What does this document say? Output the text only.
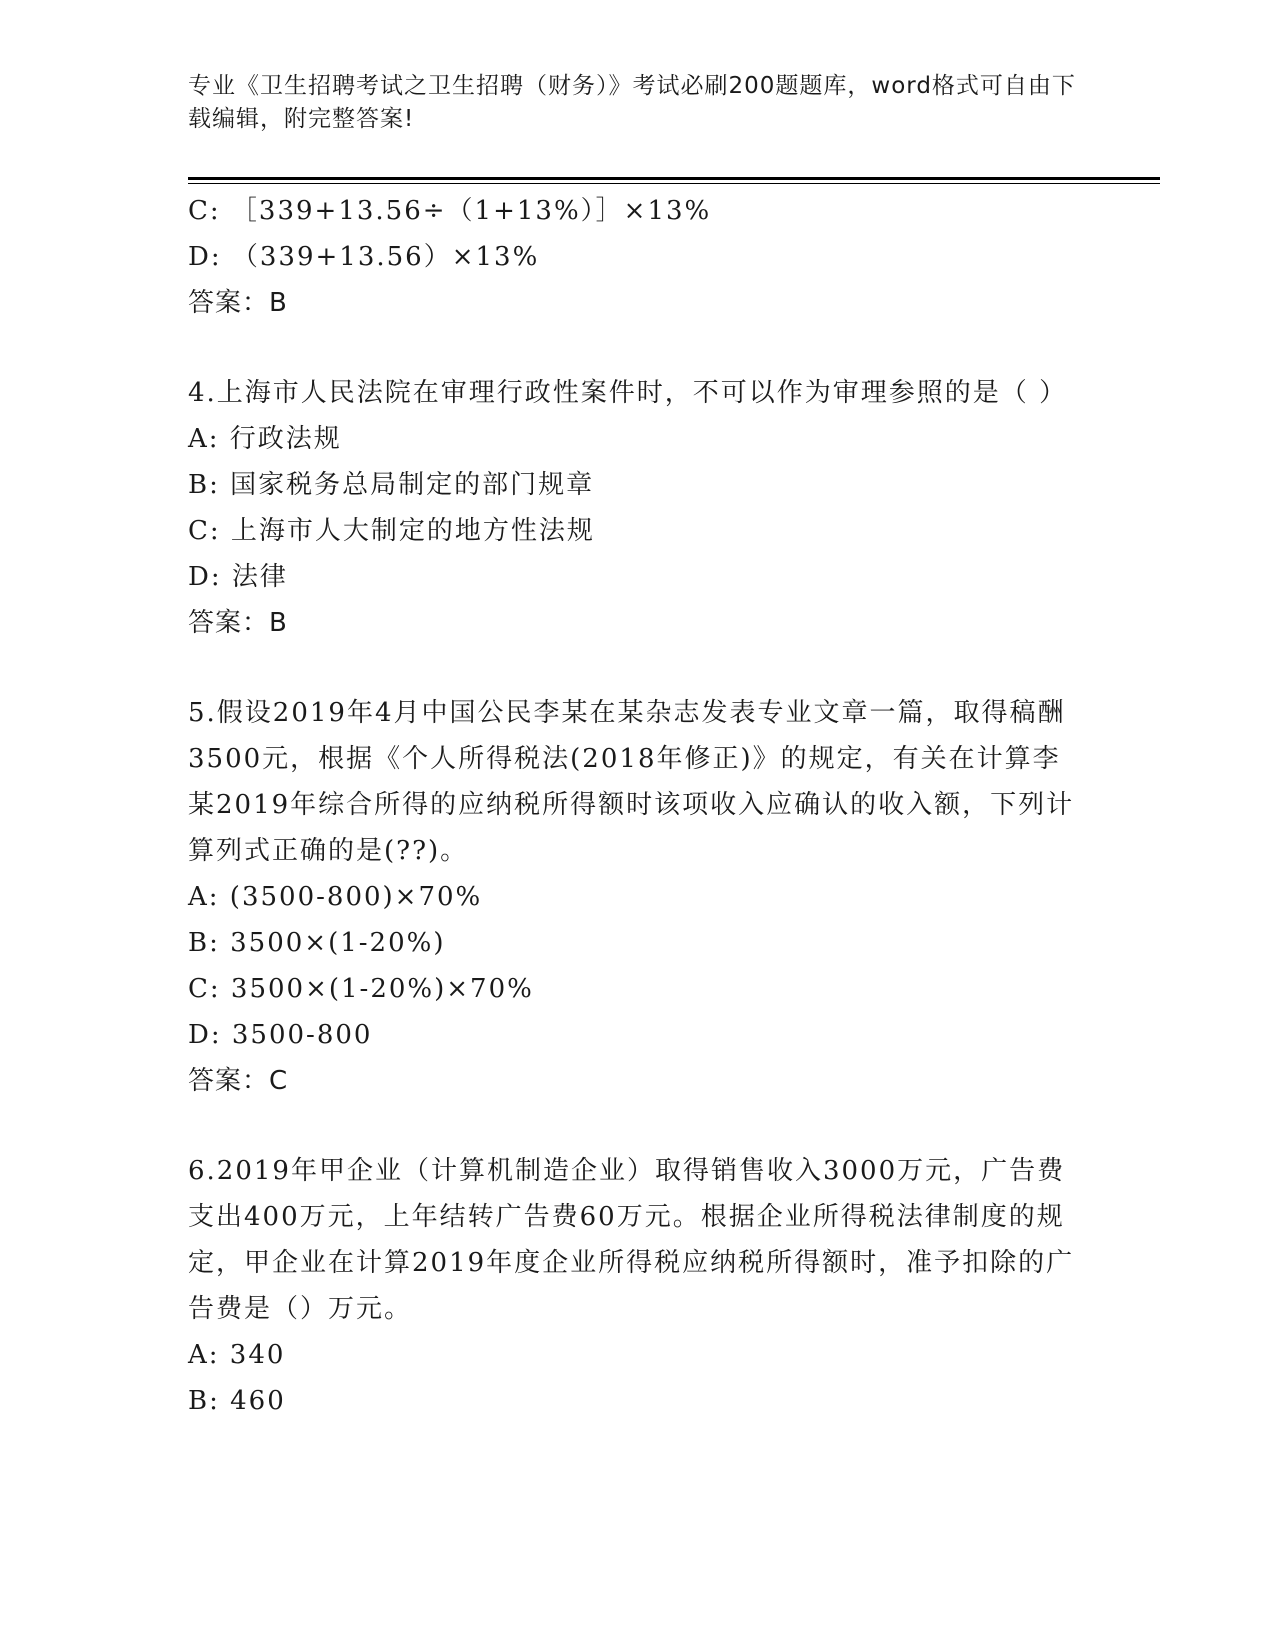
专业《卫生招聘考试之卫生招聘（财务）》考试必刷200题题库，word格式可自由下载编辑，附完整答案!
C: ［339+13.56÷（1+13%）］×13%
D: （339+13.56）×13%
答案：B
4.上海市人民法院在审理行政性案件时，不可以作为审理参照的是（ ）
A: 行政法规
B: 国家税务总局制定的部门规章
C: 上海市人大制定的地方性法规
D: 法律
答案：B
5.假设2019年4月中国公民李某在某杂志发表专业文章一篇，取得稿酬3500元，根据《个人所得税法(2018年修正)》的规定，有关在计算李某2019年综合所得的应纳税所得额时该项收入应确认的收入额，下列计算列式正确的是(??)。
A: (3500-800)×70%
B: 3500×(1-20%)
C: 3500×(1-20%)×70%
D: 3500-800
答案：C
6.2019年甲企业（计算机制造企业）取得销售收入3000万元，广告费支出400万元，上年结转广告费60万元。根据企业所得税法律制度的规定，甲企业在计算2019年度企业所得税应纳税所得额时，准予扣除的广告费是（）万元。
A: 340
B: 460
